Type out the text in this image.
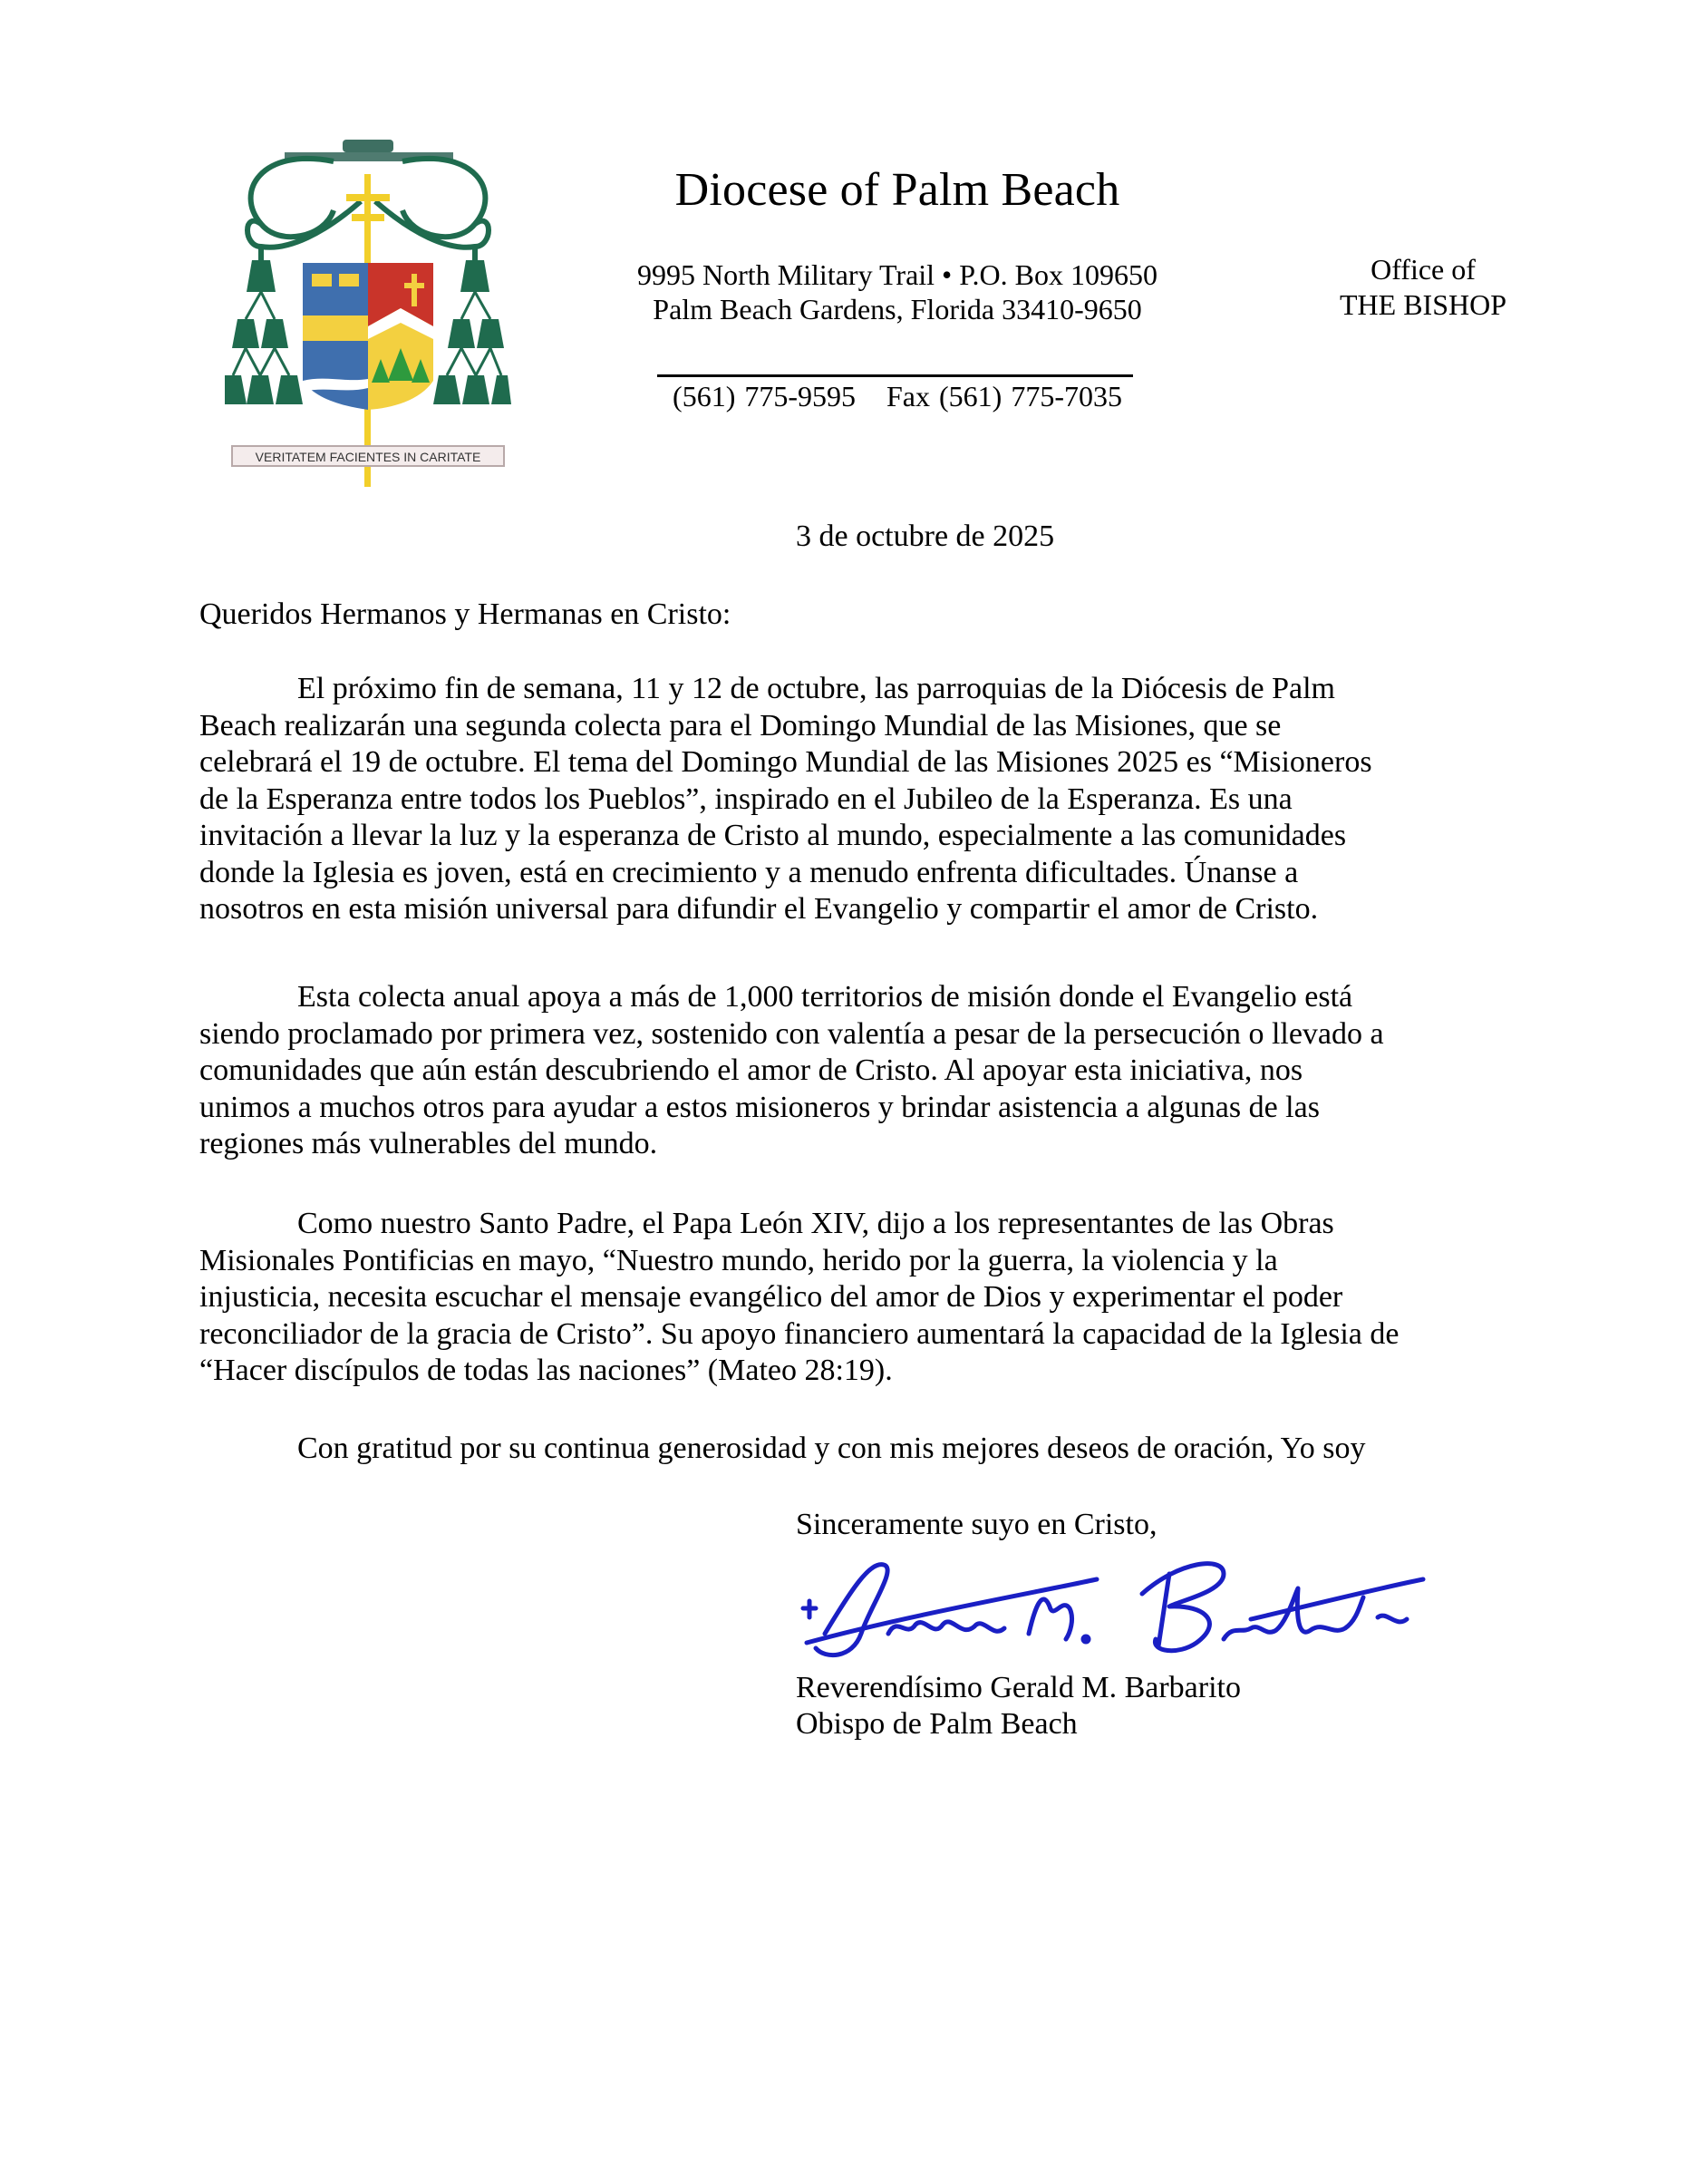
VERITATEM FACIENTES IN CARITATE
Diocese of Palm Beach
9995 North Military Trail • P.O. Box 109650
Palm Beach Gardens, Florida 33410-9650
(561) 775-9595 Fax (561) 775-7035
Office of
THE BISHOP
3 de octubre de 2025
Queridos Hermanos y Hermanas en Cristo:
El próximo fin de semana, 11 y 12 de octubre, las parroquias de la Diócesis de Palm
Beach realizarán una segunda colecta para el Domingo Mundial de las Misiones, que se
celebrará el 19 de octubre. El tema del Domingo Mundial de las Misiones 2025 es “Misioneros
de la Esperanza entre todos los Pueblos”, inspirado en el Jubileo de la Esperanza. Es una
invitación a llevar la luz y la esperanza de Cristo al mundo, especialmente a las comunidades
donde la Iglesia es joven, está en crecimiento y a menudo enfrenta dificultades. Únanse a
nosotros en esta misión universal para difundir el Evangelio y compartir el amor de Cristo.
Esta colecta anual apoya a más de 1,000 territorios de misión donde el Evangelio está
siendo proclamado por primera vez, sostenido con valentía a pesar de la persecución o llevado a
comunidades que aún están descubriendo el amor de Cristo. Al apoyar esta iniciativa, nos
unimos a muchos otros para ayudar a estos misioneros y brindar asistencia a algunas de las
regiones más vulnerables del mundo.
Como nuestro Santo Padre, el Papa León XIV, dijo a los representantes de las Obras
Misionales Pontificias en mayo, “Nuestro mundo, herido por la guerra, la violencia y la
injusticia, necesita escuchar el mensaje evangélico del amor de Dios y experimentar el poder
reconciliador de la gracia de Cristo”. Su apoyo financiero aumentará la capacidad de la Iglesia de
“Hacer discípulos de todas las naciones” (Mateo 28:19).
Con gratitud por su continua generosidad y con mis mejores deseos de oración, Yo soy
Sinceramente suyo en Cristo,
Reverendísimo Gerald M. Barbarito
Obispo de Palm Beach
